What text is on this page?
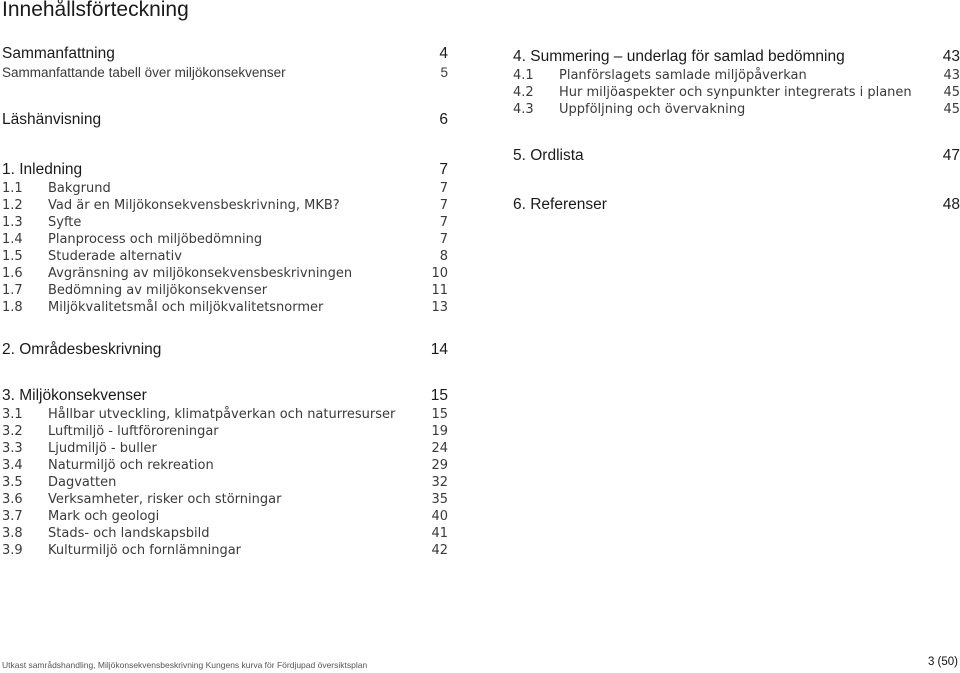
Innehållsförteckning
Sammanfattning	4
Sammanfattande tabell över miljökonsekvenser	5
Läshänvisning	6
1. Inledning	7
1.1	Bakgrund	7
1.2	Vad är en Miljökonsekvensbeskrivning, MKB?	7
1.3	Syfte	7
1.4	Planprocess och miljöbedömning	7
1.5	Studerade alternativ	8
1.6	Avgränsning av miljökonsekvensbeskrivningen	10
1.7	Bedömning av miljökonsekvenser	11
1.8	Miljökvalitetsmål och miljökvalitetsnormer	13
2. Områdesbeskrivning	14
3. Miljökonsekvenser	15
3.1	Hållbar utveckling, klimatpåverkan och naturresurser	15
3.2	Luftmiljö - luftföroreningar	19
3.3	Ljudmiljö - buller	24
3.4	Naturmiljö och rekreation	29
3.5	Dagvatten	32
3.6	Verksamheter, risker och störningar	35
3.7	Mark och geologi	40
3.8	Stads- och landskapsbild	41
3.9	Kulturmiljö och fornlämningar	42
4. Summering – underlag för samlad bedömning	43
4.1	Planförslagets samlade miljöpåverkan	43
4.2	Hur miljöaspekter och synpunkter integrerats i planen	45
4.3	Uppföljning och övervakning	45
5. Ordlista	47
6. Referenser	48
Utkast samrådshandling, Miljökonsekvensbeskrivning Kungens kurva för Fördjupad översiktsplan	3 (50)
